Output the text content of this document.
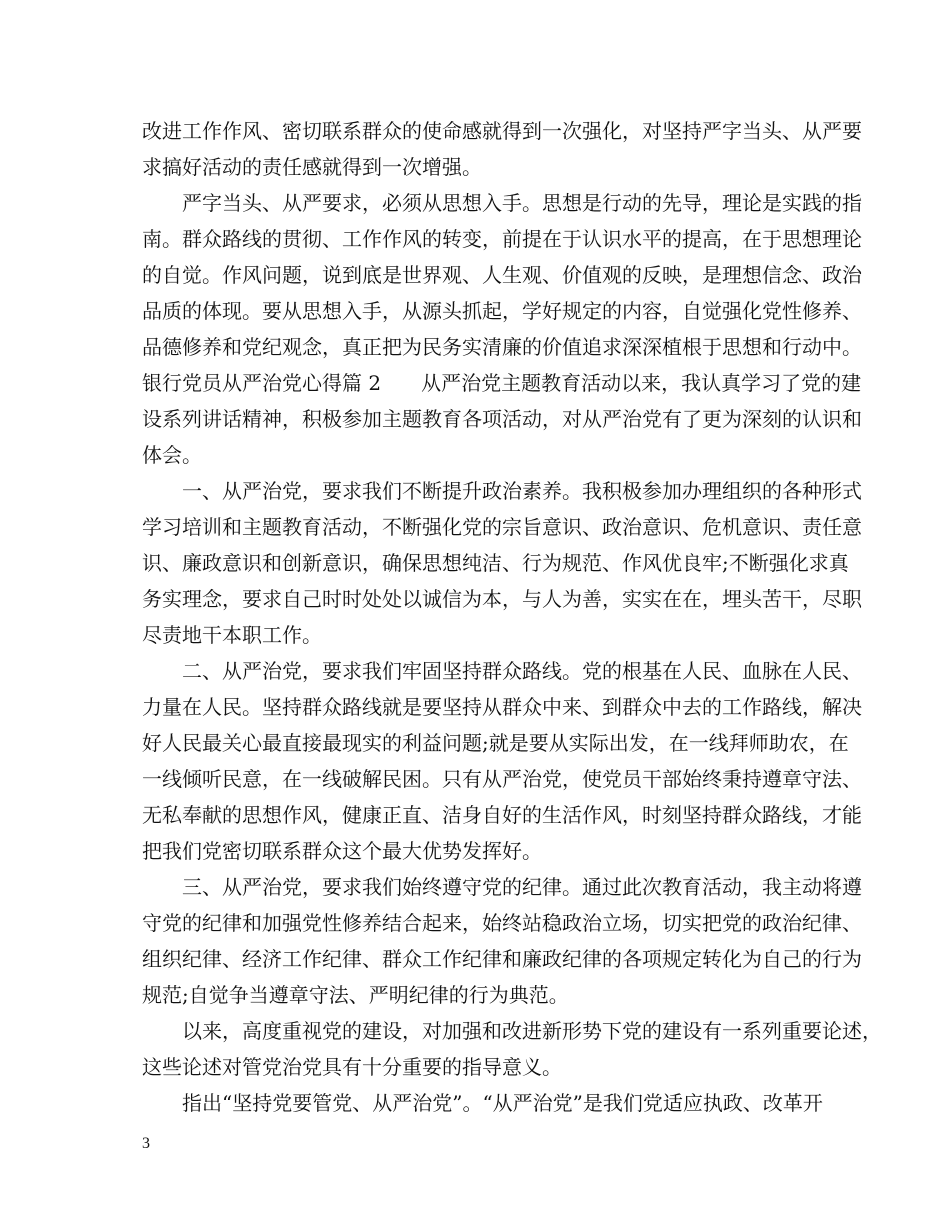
改进工作作风、密切联系群众的使命感就得到一次强化，对坚持严字当头、从严要
求搞好活动的责任感就得到一次增强。
严字当头、从严要求，必须从思想入手。思想是行动的先导，理论是实践的指
南。群众路线的贯彻、工作作风的转变，前提在于认识水平的提高，在于思想理论
的自觉。作风问题，说到底是世界观、人生观、价值观的反映，是理想信念、政治
品质的体现。要从思想入手，从源头抓起，学好规定的内容，自觉强化党性修养、
品德修养和党纪观念，真正把为民务实清廉的价值追求深深植根于思想和行动中。
银行党员从严治党心得篇 2　　从严治党主题教育活动以来，我认真学习了党的建
设系列讲话精神，积极参加主题教育各项活动，对从严治党有了更为深刻的认识和
体会。
一、从严治党，要求我们不断提升政治素养。我积极参加办理组织的各种形式
学习培训和主题教育活动，不断强化党的宗旨意识、政治意识、危机意识、责任意
识、廉政意识和创新意识，确保思想纯洁、行为规范、作风优良牢;不断强化求真
务实理念，要求自己时时处处以诚信为本，与人为善，实实在在，埋头苦干，尽职
尽责地干本职工作。
二、从严治党，要求我们牢固坚持群众路线。党的根基在人民、血脉在人民、
力量在人民。坚持群众路线就是要坚持从群众中来、到群众中去的工作路线，解决
好人民最关心最直接最现实的利益问题;就是要从实际出发，在一线拜师助农，在
一线倾听民意，在一线破解民困。只有从严治党，使党员干部始终秉持遵章守法、
无私奉献的思想作风，健康正直、洁身自好的生活作风，时刻坚持群众路线，才能
把我们党密切联系群众这个最大优势发挥好。
三、从严治党，要求我们始终遵守党的纪律。通过此次教育活动，我主动将遵
守党的纪律和加强党性修养结合起来，始终站稳政治立场，切实把党的政治纪律、
组织纪律、经济工作纪律、群众工作纪律和廉政纪律的各项规定转化为自己的行为
规范;自觉争当遵章守法、严明纪律的行为典范。
以来，高度重视党的建设，对加强和改进新形势下党的建设有一系列重要论述，
这些论述对管党治党具有十分重要的指导意义。
指出“坚持党要管党、从严治党”。“从严治党”是我们党适应执政、改革开
3
